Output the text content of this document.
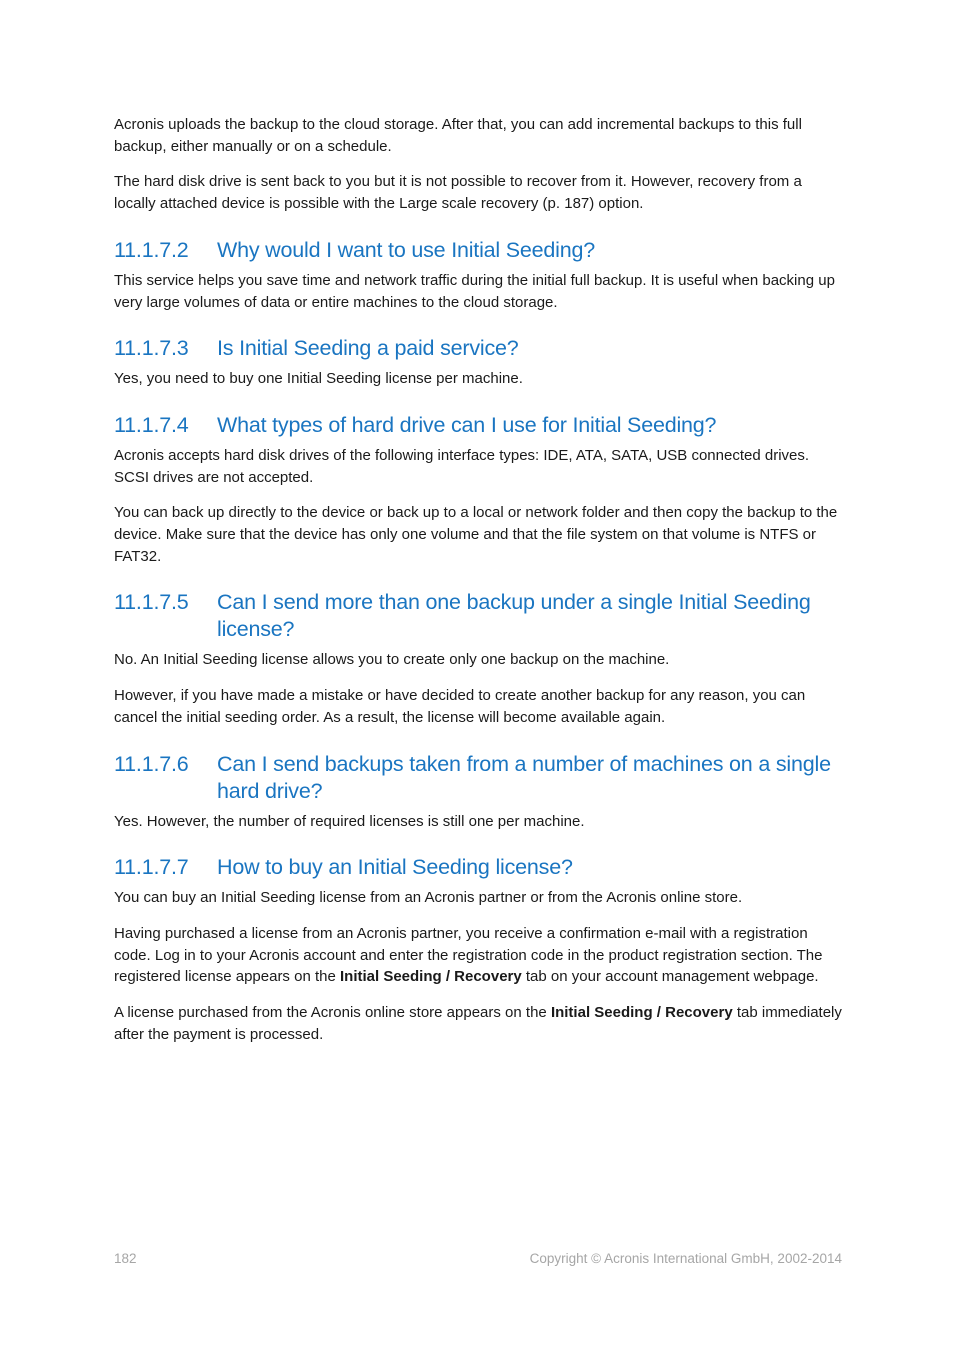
Acronis uploads the backup to the cloud storage. After that, you can add incremental backups to this full backup, either manually or on a schedule.

The hard disk drive is sent back to you but it is not possible to recover from it. However, recovery from a locally attached device is possible with the Large scale recovery (p. 187) option.

11.1.7.2	Why would I want to use Initial Seeding?

This service helps you save time and network traffic during the initial full backup. It is useful when backing up very large volumes of data or entire machines to the cloud storage.

11.1.7.3	Is Initial Seeding a paid service?

Yes, you need to buy one Initial Seeding license per machine.

11.1.7.4	What types of hard drive can I use for Initial Seeding?

Acronis accepts hard disk drives of the following interface types: IDE, ATA, SATA, USB connected drives. SCSI drives are not accepted.

You can back up directly to the device or back up to a local or network folder and then copy the backup to the device. Make sure that the device has only one volume and that the file system on that volume is NTFS or FAT32.

11.1.7.5	Can I send more than one backup under a single Initial Seeding license?

No. An Initial Seeding license allows you to create only one backup on the machine.

However, if you have made a mistake or have decided to create another backup for any reason, you can cancel the initial seeding order. As a result, the license will become available again.

11.1.7.6	Can I send backups taken from a number of machines on a single hard drive?

Yes. However, the number of required licenses is still one per machine.

11.1.7.7	How to buy an Initial Seeding license?

You can buy an Initial Seeding license from an Acronis partner or from the Acronis online store.

Having purchased a license from an Acronis partner, you receive a confirmation e-mail with a registration code. Log in to your Acronis account and enter the registration code in the product registration section. The registered license appears on the Initial Seeding / Recovery tab on your account management webpage.

A license purchased from the Acronis online store appears on the Initial Seeding / Recovery tab immediately after the payment is processed.

182	Copyright © Acronis International GmbH, 2002-2014
